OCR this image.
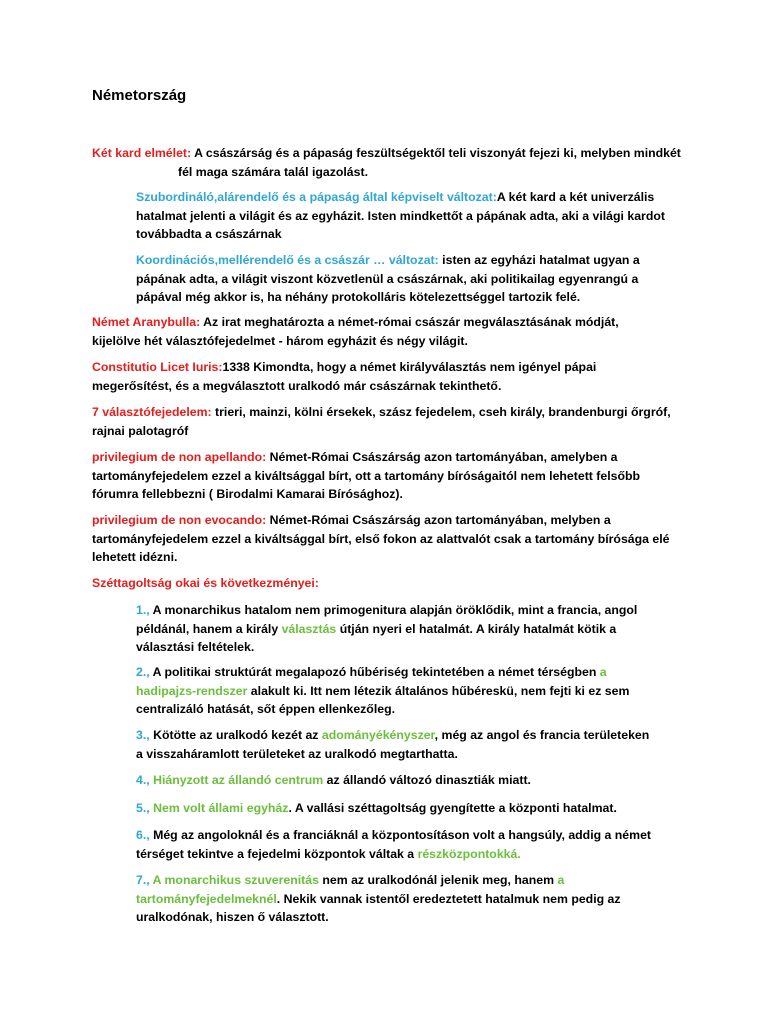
Németország
Két kard elmélet: A császárság és a pápaság feszültségektől teli viszonyát fejezi ki, melyben mindkétfél maga számára talál igazolást.
Szubordináló,alárendelő és a pápaság által képviselt változat:A két kard a két univerzális hatalmat jelenti a világit és az egyházit. Isten mindkettőt a pápának adta, aki a világi kardot továbbadta a császárnak
Koordinációs,mellérendelő és a császár … változat: isten az egyházi hatalmat ugyan a pápának adta, a világit viszont közvetlenül a császárnak, aki politikailag egyenrangú a pápával még akkor is, ha néhány protokolláris kötelezettséggel tartozik felé.
Német Aranybulla: Az irat meghatározta a német-római császár megválasztásának módját, kijelölve hét választófejedelmet - három egyházit és négy világit.
Constitutio Licet Iuris:1338 Kimondta, hogy a német királyválasztás nem igényel pápai megerősítést, és a megválasztott uralkodó már császárnak tekinthető.
7 választófejedelem: trieri, mainzi, kölni érsekek, szász fejedelem, cseh király, brandenburgi őrgróf, rajnai palotagróf
privilegium de non apellando: Német-Római Császárság azon tartományában, amelyben a tartományfejedelem ezzel a kiváltsággal bírt, ott a tartomány bíróságaitól nem lehetett felsőbb fórumra fellebbezni ( Birodalmi Kamarai Bírósághoz).
privilegium de non evocando: Német-Római Császárság azon tartományában, melyben a tartományfejedelem ezzel a kiváltsággal bírt, első fokon az alattvalót csak a tartomány bírósága elé lehetett idézni.
Széttagoltság okai és következményei:
1., A monarchikus hatalom nem primogenitura alapján öröklődik, mint a francia, angol példánál, hanem a király választás útján nyeri el hatalmát. A király hatalmát kötik a választási feltételek.
2., A politikai struktúrát megalapozó hűbériség tekintetében a német térségben a hadipajzs-rendszer alakult ki. Itt nem létezik általános hűbéreskü, nem fejti ki ez sem centralizáló hatását, sőt éppen ellenkezőleg.
3., Kötötte az uralkodó kezét az adományékényszer, még az angol és francia területeken a visszaháramlott területeket az uralkodó megtarthatta.
4., Hiányzott az állandó centrum az állandó változó dinasztiák miatt.
5., Nem volt állami egyház. A vallási széttagoltság gyengítette a központi hatalmat.
6., Még az angoloknál és a franciáknál a központosításon volt a hangsúly, addig a német térséget tekintve a fejedelmi központok váltak a részközpontokká.
7., A monarchikus szuverenitás nem az uralkodónál jelenik meg, hanem a tartományfejedelmeknél. Nekik vannak istentől eredeztetett hatalmuk nem pedig az uralkodónak, hiszen ő választott.
